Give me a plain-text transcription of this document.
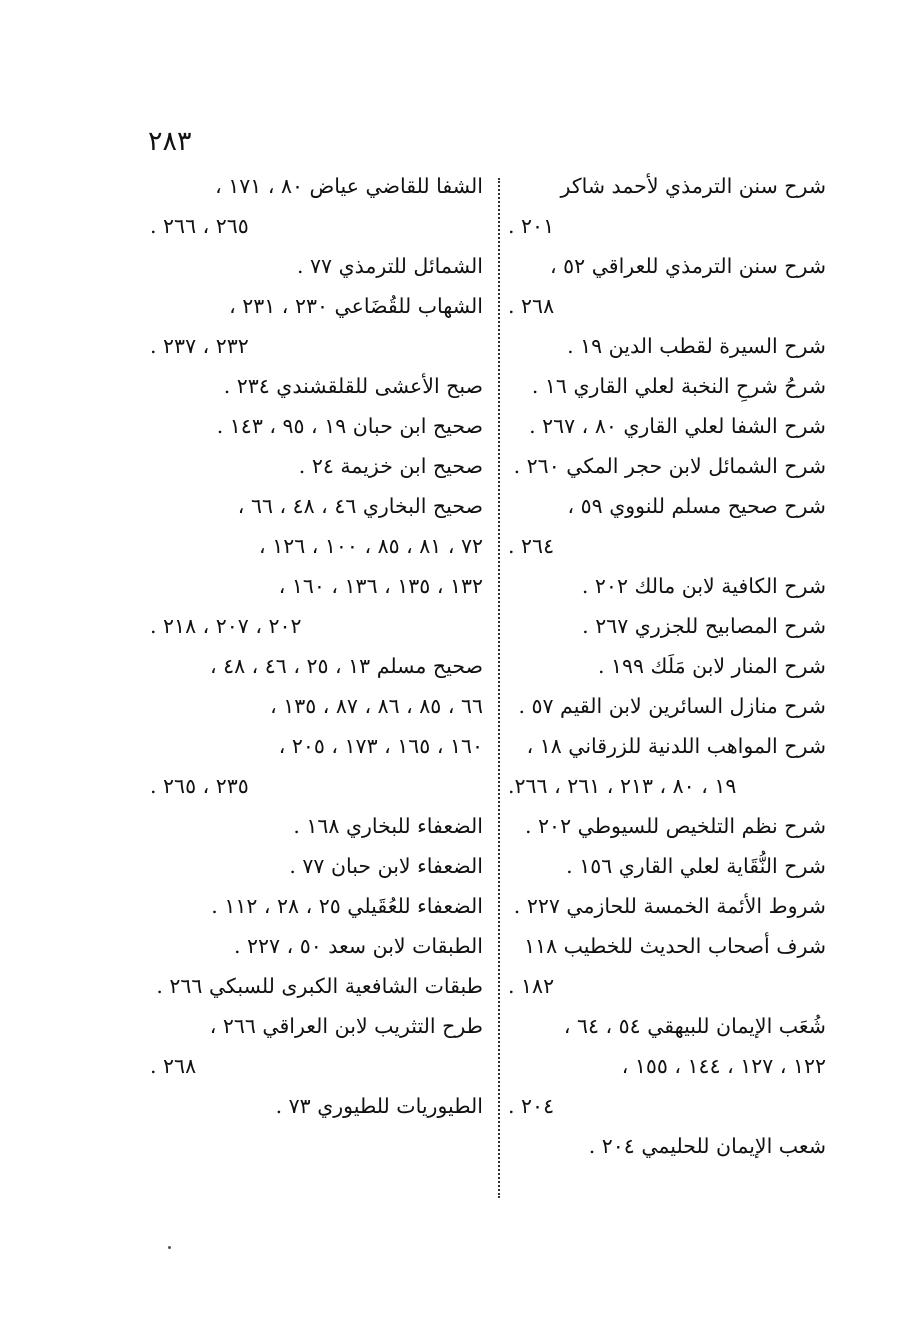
٢٨٣
شرح سنن الترمذي لأحمد شاكر
٢٠١ .
شرح سنن الترمذي للعراقي ٥٢ ،
٢٦٨ .
شرح السيرة لقطب الدين ١٩ .
شرحُ شرحِ النخبة لعلي القاري ١٦ .
شرح الشفا لعلي القاري ٨٠ ، ٢٦٧ .
شرح الشمائل لابن حجر المكي ٢٦٠ .
شرح صحيح مسلم للنووي ٥٩ ،
٢٦٤ .
شرح الكافية لابن مالك ٢٠٢ .
شرح المصابيح للجزري ٢٦٧ .
شرح المنار لابن مَلَك ١٩٩ .
شرح منازل السائرين لابن القيم ٥٧ .
شرح المواهب اللدنية للزرقاني ١٨ ،
١٩ ، ٨٠ ، ٢١٣ ، ٢٦١ ، ٢٦٦.
شرح نظم التلخيص للسيوطي ٢٠٢ .
شرح النُّقَاية لعلي القاري ١٥٦ .
شروط الأئمة الخمسة للحازمي ٢٢٧ .
شرف أصحاب الحديث للخطيب ١١٨
١٨٢ .
شُعَب الإيمان للبيهقي ٥٤ ، ٦٤ ،
١٢٢ ، ١٢٧ ، ١٤٤ ، ١٥٥ ،
٢٠٤ .
شعب الإيمان للحليمي ٢٠٤ .
الشفا للقاضي عياض ٨٠ ، ١٧١ ،
٢٦٥ ، ٢٦٦ .
الشمائل للترمذي ٧٧ .
الشهاب للقُضَاعي ٢٣٠ ، ٢٣١ ،
٢٣٢ ، ٢٣٧ .
صبح الأعشى للقلقشندي ٢٣٤ .
صحيح ابن حبان ١٩ ، ٩٥ ، ١٤٣ .
صحيح ابن خزيمة ٢٤ .
صحيح البخاري ٤٦ ، ٤٨ ، ٦٦ ،
٧٢ ، ٨١ ، ٨٥ ، ١٠٠ ، ١٢٦ ،
١٣٢ ، ١٣٥ ، ١٣٦ ، ١٦٠ ،
٢٠٢ ، ٢٠٧ ، ٢١٨ .
صحيح مسلم ١٣ ، ٢٥ ، ٤٦ ، ٤٨ ،
٦٦ ، ٨٥ ، ٨٦ ، ٨٧ ، ١٣٥ ،
١٦٠ ، ١٦٥ ، ١٧٣ ، ٢٠٥ ،
٢٣٥ ، ٢٦٥ .
الضعفاء للبخاري ١٦٨ .
الضعفاء لابن حبان ٧٧ .
الضعفاء للعُقَيلي ٢٥ ، ٢٨ ، ١١٢ .
الطبقات لابن سعد ٥٠ ، ٢٢٧ .
طبقات الشافعية الكبرى للسبكي ٢٦٦ .
طرح التثريب لابن العراقي ٢٦٦ ،
٢٦٨ .
الطيوريات للطيوري ٧٣ .
